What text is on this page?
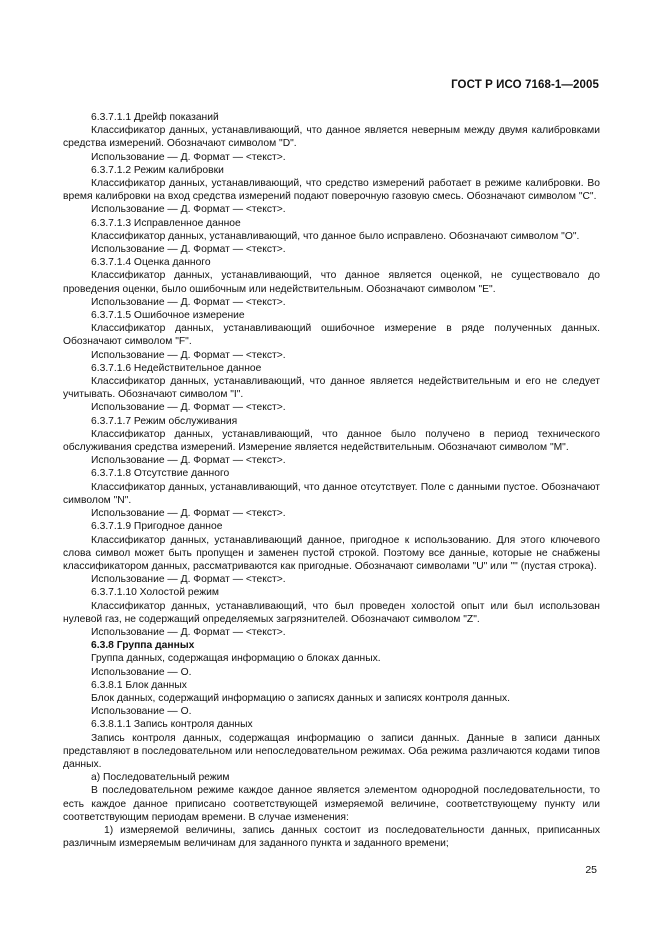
ГОСТ Р ИСО 7168-1—2005

6.3.7.1.1 Дрейф показаний

Классификатор данных, устанавливающий, что данное является неверным между двумя калибровками средства измерений. Обозначают символом "D".

Использование — Д. Формат — <текст>.

6.3.7.1.2 Режим калибровки

Классификатор данных, устанавливающий, что средство измерений работает в режиме калибровки. Во время калибровки на вход средства измерений подают поверочную газовую смесь. Обозначают символом "C".

Использование — Д. Формат — <текст>.

6.3.7.1.3 Исправленное данное

Классификатор данных, устанавливающий, что данное было исправлено. Обозначают символом "O".

Использование — Д. Формат — <текст>.

6.3.7.1.4 Оценка данного

Классификатор данных, устанавливающий, что данное является оценкой, не существовало до проведения оценки, было ошибочным или недействительным. Обозначают символом "E".

Использование — Д. Формат — <текст>.

6.3.7.1.5 Ошибочное измерение

Классификатор данных, устанавливающий ошибочное измерение в ряде полученных данных. Обозначают символом "F".

Использование — Д. Формат — <текст>.

6.3.7.1.6 Недействительное данное

Классификатор данных, устанавливающий, что данное является недействительным и его не следует учитывать. Обозначают символом "I".

Использование — Д. Формат — <текст>.

6.3.7.1.7 Режим обслуживания

Классификатор данных, устанавливающий, что данное было получено в период технического обслуживания средства измерений. Измерение является недействительным. Обозначают символом "M".

Использование — Д. Формат — <текст>.

6.3.7.1.8 Отсутствие данного

Классификатор данных, устанавливающий, что данное отсутствует. Поле с данными пустое. Обозначают символом "N".

Использование — Д. Формат — <текст>.

6.3.7.1.9 Пригодное данное

Классификатор данных, устанавливающий данное, пригодное к использованию. Для этого ключевого слова символ может быть пропущен и заменен пустой строкой. Поэтому все данные, которые не снабжены классификатором данных, рассматриваются как пригодные. Обозначают символами "U" или "" (пустая строка).

Использование — Д. Формат — <текст>.

6.3.7.1.10 Холостой режим

Классификатор данных, устанавливающий, что был проведен холостой опыт или был использован нулевой газ, не содержащий определяемых загрязнителей. Обозначают символом "Z".

Использование — Д. Формат — <текст>.

6.3.8 Группа данных

Группа данных, содержащая информацию о блоках данных.

Использование — О.

6.3.8.1 Блок данных

Блок данных, содержащий информацию о записях данных и записях контроля данных.

Использование — О.

6.3.8.1.1 Запись контроля данных

Запись контроля данных, содержащая информацию о записи данных. Данные в записи данных представляют в последовательном или непоследовательном режимах. Оба режима различаются кодами типов данных.

а) Последовательный режим

В последовательном режиме каждое данное является элементом однородной последовательности, то есть каждое данное приписано соответствующей измеряемой величине, соответствующему пункту или соответствующим периодам времени. В случае изменения:

1) измеряемой величины, запись данных состоит из последовательности данных, приписанных различным измеряемым величинам для заданного пункта и заданного времени;

25
